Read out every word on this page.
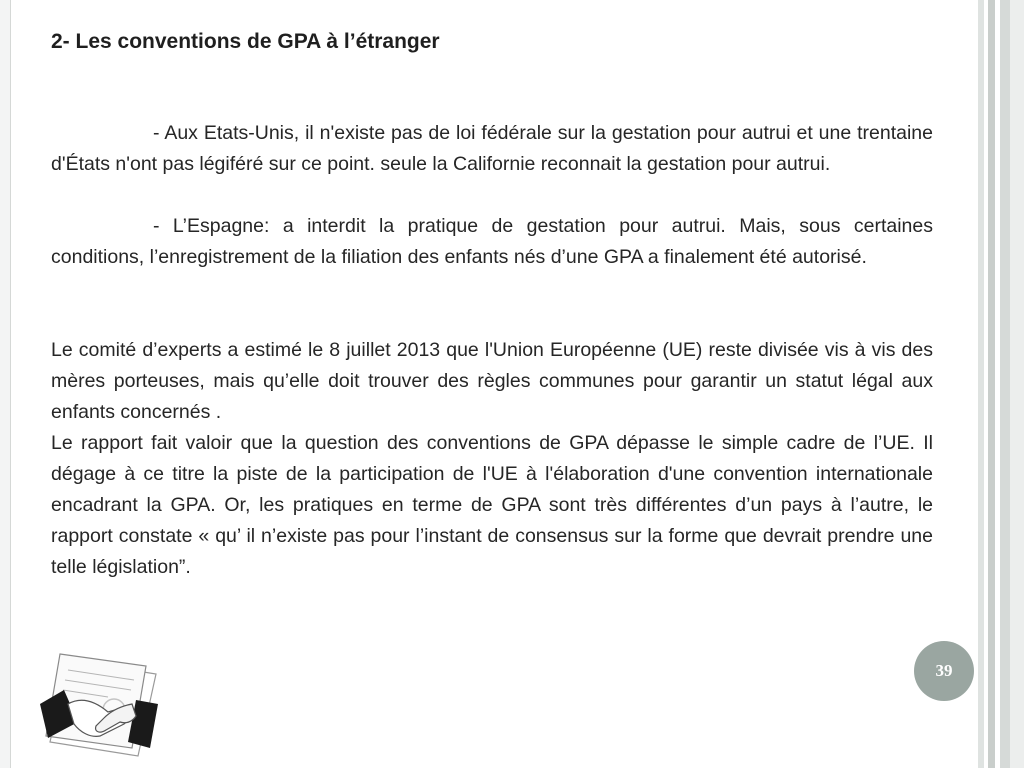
2- Les conventions de GPA à l’étranger

- Aux Etats-Unis, il n'existe pas de loi fédérale sur la gestation pour autrui et une trentaine d'États n'ont pas légiféré sur ce point. seule la Californie reconnait la gestation pour autrui.

- L’Espagne: a interdit la pratique de gestation pour autrui. Mais, sous certaines conditions, l’enregistrement de la filiation des enfants nés d’une GPA a finalement été autorisé.

Le comité d’experts a estimé le 8 juillet 2013 que l'Union Européenne (UE) reste divisée vis à vis des mères porteuses, mais qu’elle doit trouver des règles communes pour garantir un statut légal aux enfants concernés .

Le rapport fait valoir que la question des conventions de GPA dépasse le simple cadre de l’UE. Il dégage à ce titre la piste de la participation de l'UE à l'élaboration d'une convention internationale encadrant la GPA. Or, les pratiques en terme de GPA sont très différentes d’un pays à l’autre, le rapport constate « qu’ il n’existe pas pour l’instant de consensus sur la forme que devrait prendre une telle législation”.

39
